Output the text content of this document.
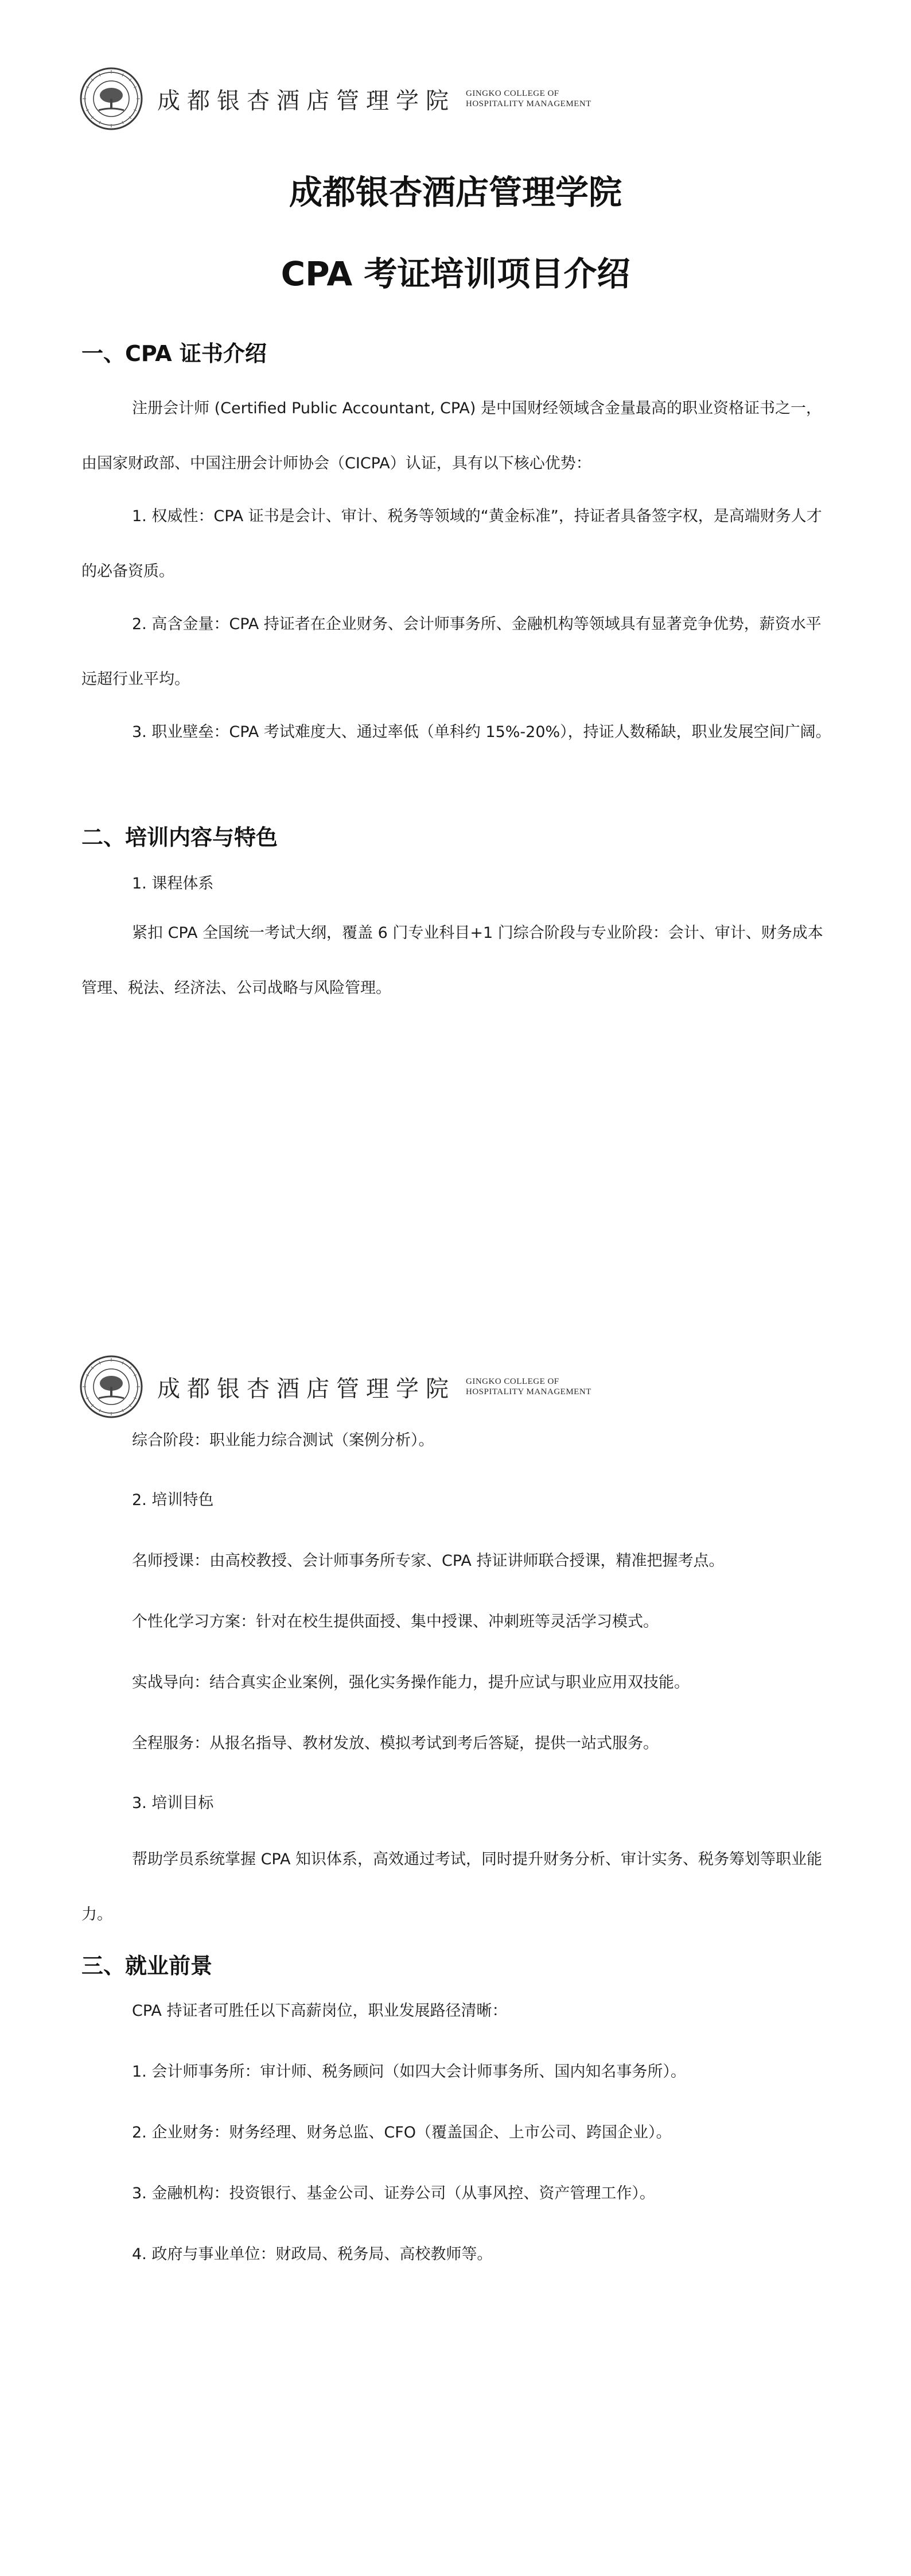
成都银杏酒店管理学院 GINGKO COLLEGE OF
HOSPITALITY MANAGEMENT
成都银杏酒店管理学院
CPA 考证培训项目介绍
一、CPA 证书介绍

注册会计师 (Certified Public Accountant, CPA) 是中国财经领域含金量最高的职业资格证书之一，由国家财政部、中国注册会计师协会（CICPA）认证，具有以下核心优势：

1. 权威性：CPA 证书是会计、审计、税务等领域的“黄金标准”，持证者具备签字权，是高端财务人才的必备资质。

2. 高含金量：CPA 持证者在企业财务、会计师事务所、金融机构等领域具有显著竞争优势，薪资水平远超行业平均。

3. 职业壁垒：CPA 考试难度大、通过率低（单科约 15%-20%），持证人数稀缺，职业发展空间广阔。

二、培训内容与特色

1. 课程体系

紧扣 CPA 全国统一考试大纲，覆盖 6 门专业科目+1 门综合阶段与专业阶段：会计、审计、财务成本管理、税法、经济法、公司战略与风险管理。

成都银杏酒店管理学院 GINGKO COLLEGE OF
HOSPITALITY MANAGEMENT

综合阶段：职业能力综合测试（案例分析）。

2. 培训特色

名师授课：由高校教授、会计师事务所专家、CPA 持证讲师联合授课，精准把握考点。

个性化学习方案：针对在校生提供面授、集中授课、冲刺班等灵活学习模式。

实战导向：结合真实企业案例，强化实务操作能力，提升应试与职业应用双技能。

全程服务：从报名指导、教材发放、模拟考试到考后答疑，提供一站式服务。

3. 培训目标

帮助学员系统掌握 CPA 知识体系，高效通过考试，同时提升财务分析、审计实务、税务筹划等职业能力。

三、就业前景

CPA 持证者可胜任以下高薪岗位，职业发展路径清晰：

1. 会计师事务所：审计师、税务顾问（如四大会计师事务所、国内知名事务所）。

2. 企业财务：财务经理、财务总监、CFO（覆盖国企、上市公司、跨国企业）。

3. 金融机构：投资银行、基金公司、证券公司（从事风控、资产管理工作）。

4. 政府与事业单位：财政局、税务局、高校教师等。
